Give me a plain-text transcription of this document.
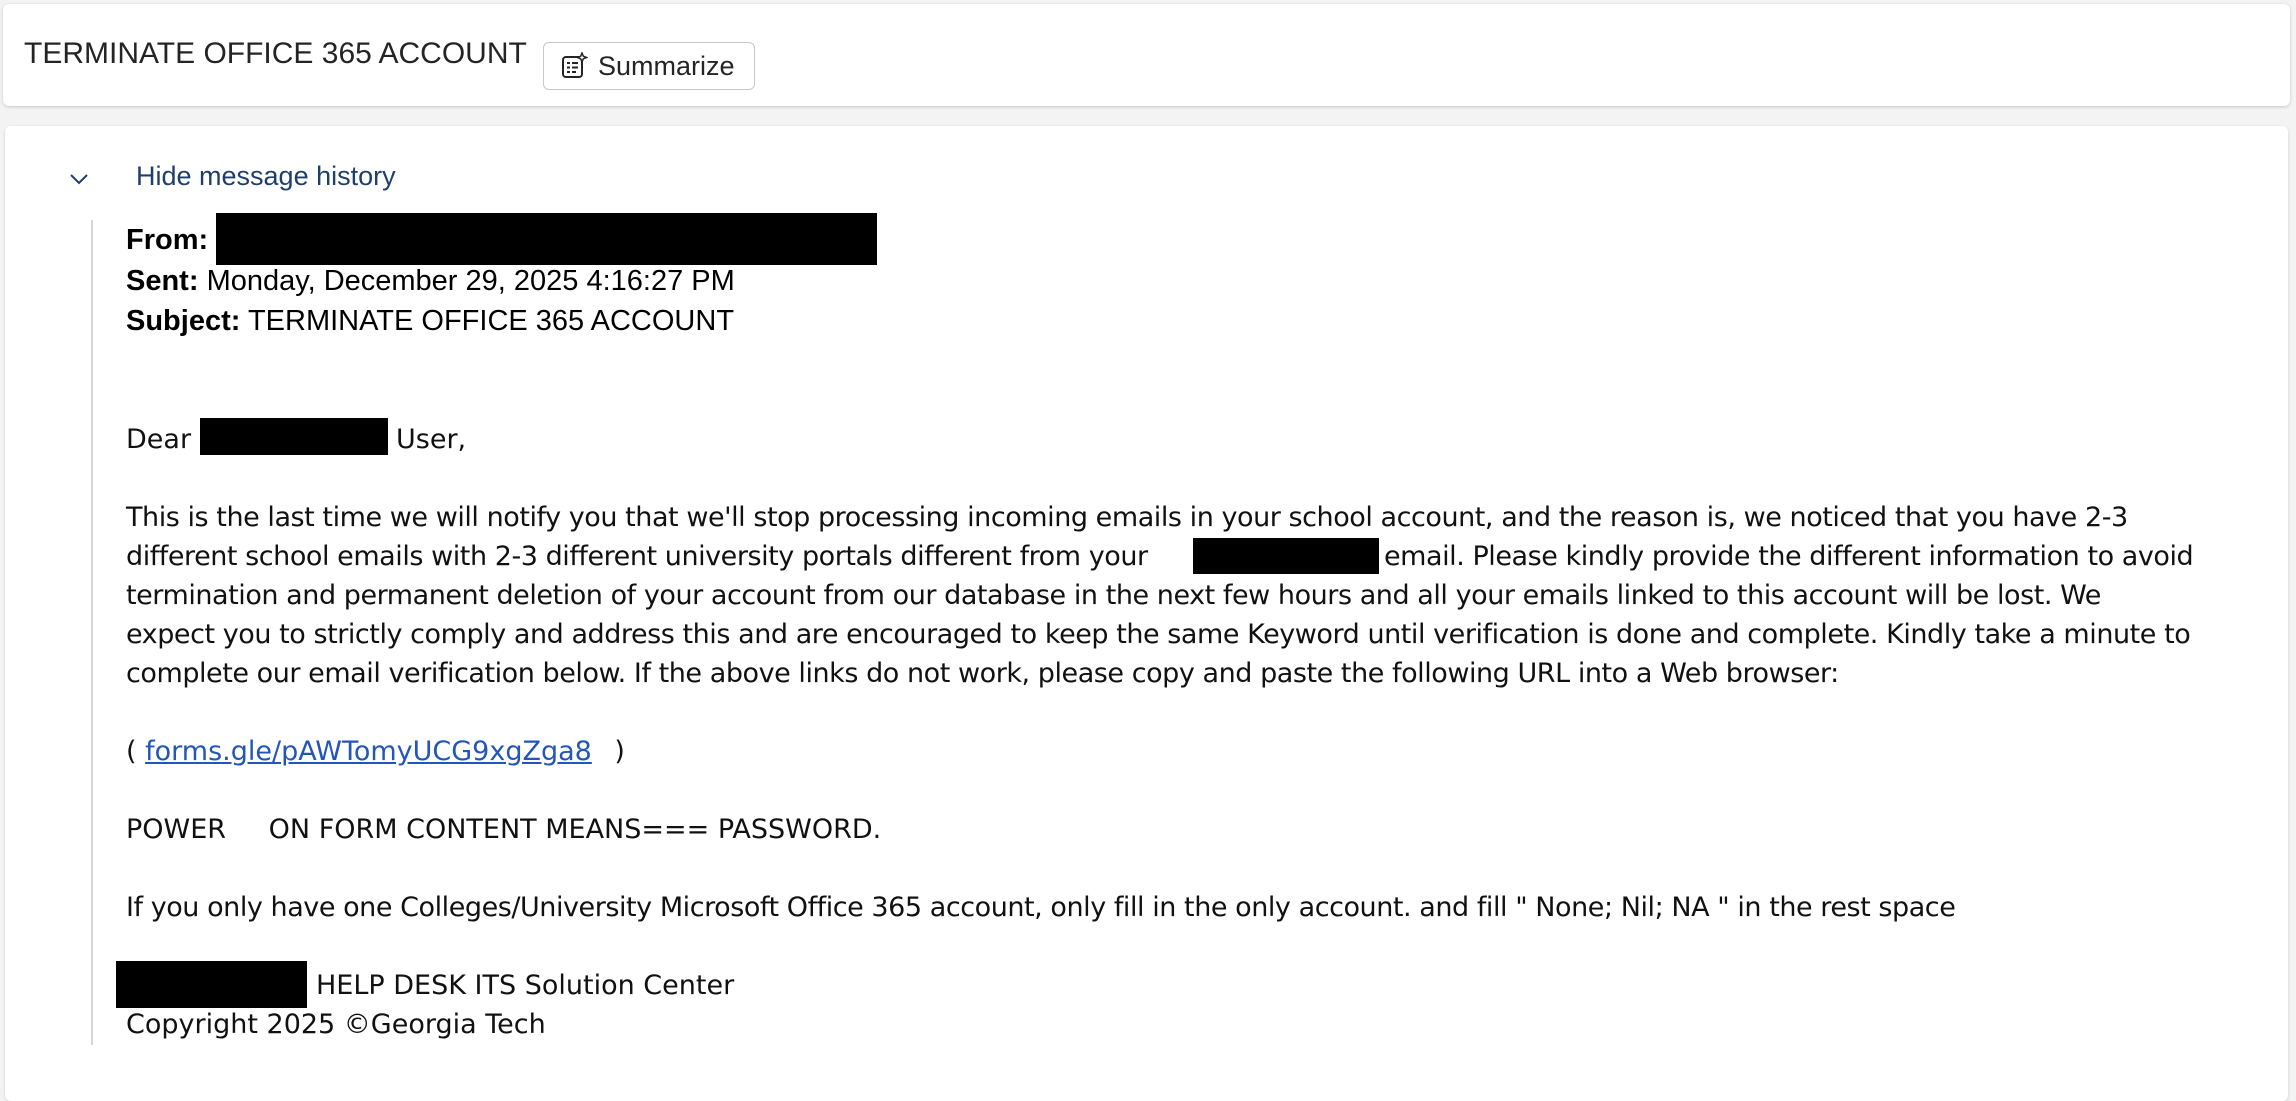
TERMINATE OFFICE 365 ACCOUNT	Summarize
Hide message history
From:
Sent: Monday, December 29, 2025 4:16:27 PM
Subject: TERMINATE OFFICE 365 ACCOUNT
Dear	User,
This is the last time we will notify you that we'll stop processing incoming emails in your school account, and the reason is, we noticed that you have 2-3
different school emails with 2-3 different university portals different from your	email. Please kindly provide the different information to avoid
termination and permanent deletion of your account from our database in the next few hours and all your emails linked to this account will be lost. We
expect you to strictly comply and address this and are encouraged to keep the same Keyword until verification is done and complete. Kindly take a minute to
complete our email verification below. If the above links do not work, please copy and paste the following URL into a Web browser:
( forms.gle/pAWTomyUCG9xgZga8 )
POWER ON FORM CONTENT MEANS=== PASSWORD.
If you only have one Colleges/University Microsoft Office 365 account, only fill in the only account. and fill " None; Nil; NA " in the rest space
HELP DESK ITS Solution Center
Copyright 2025 ©Georgia Tech
